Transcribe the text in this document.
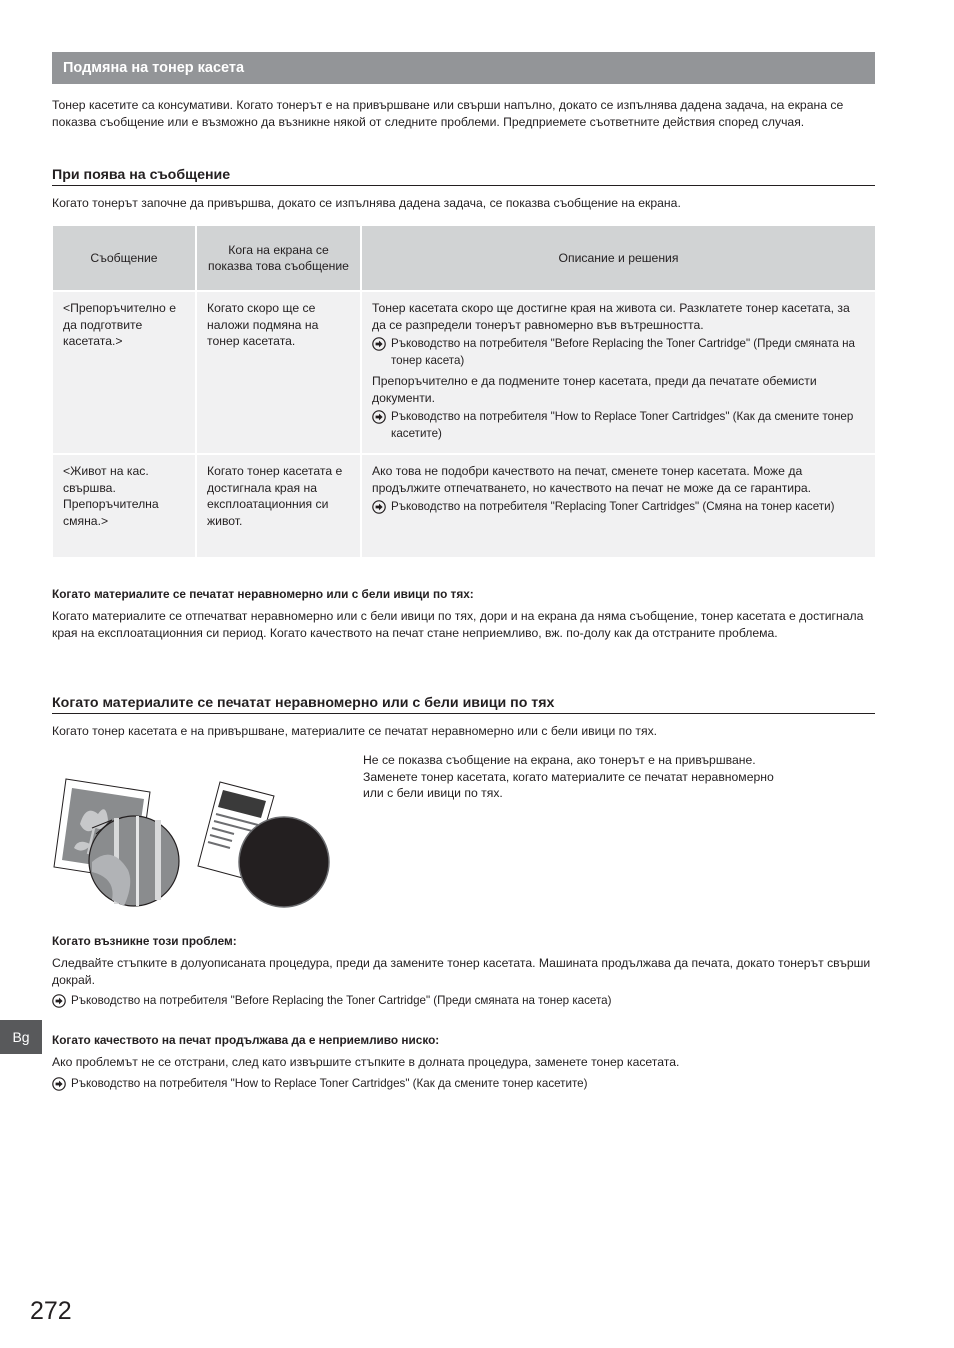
Подмяна на тонер касета

Тонер касетите са консумативи. Когато тонерът е на привършване или свърши напълно, докато се изпълнява дадена задача, на екрана се показва съобщение или е възможно да възникне някой от следните проблеми. Предприемете съответните действия според случая.

При поява на съобщение

Когато тонерът започне да привършва, докато се изпълнява дадена задача, се показва съобщение на екрана.

Съобщение	Кога на екрана се показва това съобщение	Описание и решения
<Препоръчително е да подготвите касетата.>	Когато скоро ще се наложи подмяна на тонер касетата.	Тонер касетата скоро ще достигне края на живота си. Разклатете тонер касетата, за да се разпредели тонерът равномерно във вътрешността.

Ръководство на потребителя "Before Replacing the Toner Cartridge" (Преди смяната на тонер касета)

Препоръчително е да подмените тонер касетата, преди да печатате обемисти документи.

Ръководство на потребителя "How to Replace Toner Cartridges" (Как да смените тонер касетите)

<Живот на кас. свършва. Препоръчителна смяна.>	Когато тонер касетата е достигнала края на експлоатационния си живот.	Ако това не подобри качеството на печат, сменете тонер касетата. Може да продължите отпечатването, но качеството на печат не може да се гарантира.

Ръководство на потребителя "Replacing Toner Cartridges" (Смяна на тонер касети)
Когато материалите се печатат неравномерно или с бели ивици по тях:

Когато материалите се отпечатват неравномерно или с бели ивици по тях, дори и на екрана да няма съобщение, тонер касетата е достигнала края на експлоатационния си период. Когато качеството на печат стане неприемливо, вж. по-долу как да отстраните проблема.

Когато материалите се печатат неравномерно или с бели ивици по тях

Когато тонер касетата е на привършване, материалите се печатат неравномерно или с бели ивици по тях.

Не се показва съобщение на екрана, ако тонерът е на привършване. Заменете тонер касетата, когато материалите се печатат неравномерно или с бели ивици по тях.

Когато възникне този проблем:

Следвайте стъпките в долуописаната процедура, преди да замените тонер касетата. Машината продължава да печата, докато тонерът свърши докрай.

Ръководство на потребителя "Before Replacing the Toner Cartridge" (Преди смяната на тонер касета)
Когато качеството на печат продължава да е неприемливо ниско:

Ако проблемът не се отстрани, след като извършите стъпките в долната процедура, заменете тонер касетата.

Ръководство на потребителя "How to Replace Toner Cartridges" (Как да смените тонер касетите)
Bg
272
